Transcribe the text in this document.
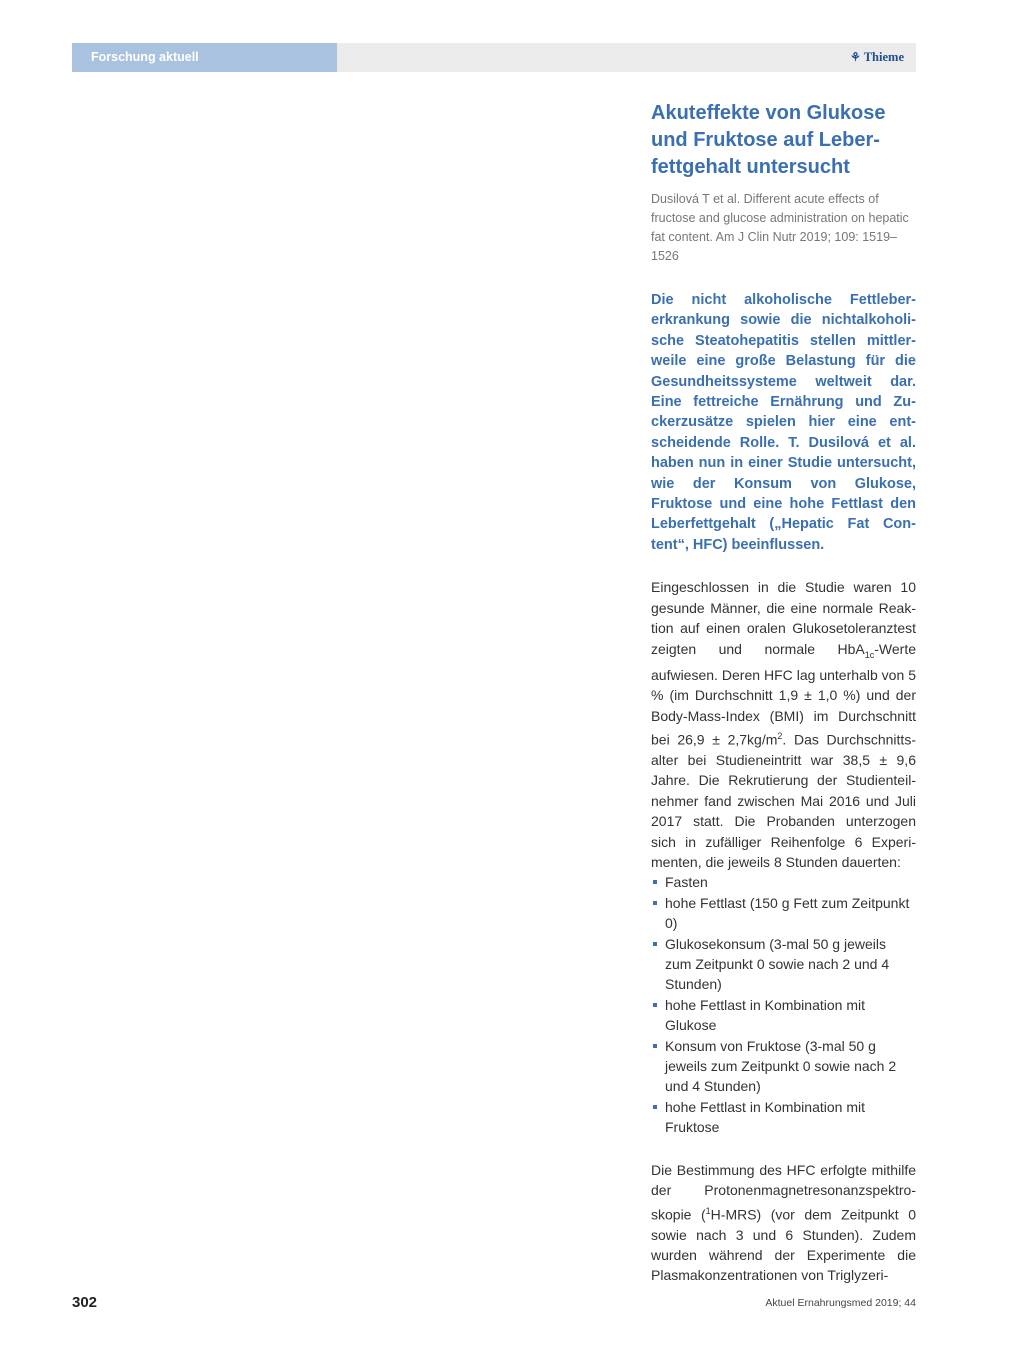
Forschung aktuell	⚘ Thieme
Akuteffekte von Glukose und Fruktose auf Leber-fettgehalt untersucht

Dusilová T et al. Different acute effects of fructose and glucose administration on hepatic fat content. Am J Clin Nutr 2019; 109: 1519–1526

Die nicht alkoholische Fettlebererkrankung sowie die nichtalkoholische Steatohepatitis stellen mittlerweile eine große Belastung für die Gesundheitssysteme weltweit dar. Eine fettreiche Ernährung und Zuckerzusätze spielen hier eine entscheidende Rolle. T. Dusilová et al. haben nun in einer Studie untersucht, wie der Konsum von Glukose, Fruktose und eine hohe Fettlast den Leberfettgehalt („Hepatic Fat Content“, HFC) beeinflussen.

Eingeschlossen in die Studie waren 10 gesunde Männer, die eine normale Reaktion auf einen oralen Glukosetoleranztest zeigten und normale HbA$_{1c}$-Werte aufwiesen. Deren HFC lag unterhalb von 5 % (im Durchschnitt 1,9 ± 1,0 %) und der Body-Mass-Index (BMI) im Durchschnitt bei $26,9 \pm 2,7kg/m^2$. Das Durchschnittsalter bei Studieneintritt war 38,5 ± 9,6 Jahre. Die Rekrutierung der Studienteilnehmer fand zwischen Mai 2016 und Juli 2017 statt. Die Probanden unterzogen sich in zufälliger Reihenfolge 6 Experimenten, die jeweils 8 Stunden dauerten:

Fasten
hohe Fettlast (150 g Fett zum Zeitpunkt 0)
Glukosekonsum (3-mal 50 g jeweils zum Zeitpunkt 0 sowie nach 2 und 4 Stunden)
hohe Fettlast in Kombination mit Glukose
Konsum von Fruktose (3-mal 50 g jeweils zum Zeitpunkt 0 sowie nach 2 und 4 Stunden)
hohe Fettlast in Kombination mit Fruktose

Die Bestimmung des HFC erfolgte mithilfe der Protonenmagnetresonanzspektroskopie ($^1$H-MRS) (vor dem Zeitpunkt 0 sowie nach 3 und 6 Stunden). Zudem wurden während der Experimente die Plasmakonzentrationen von Triglyzeri-

302	Aktuel Ernahrungsmed 2019; 44
